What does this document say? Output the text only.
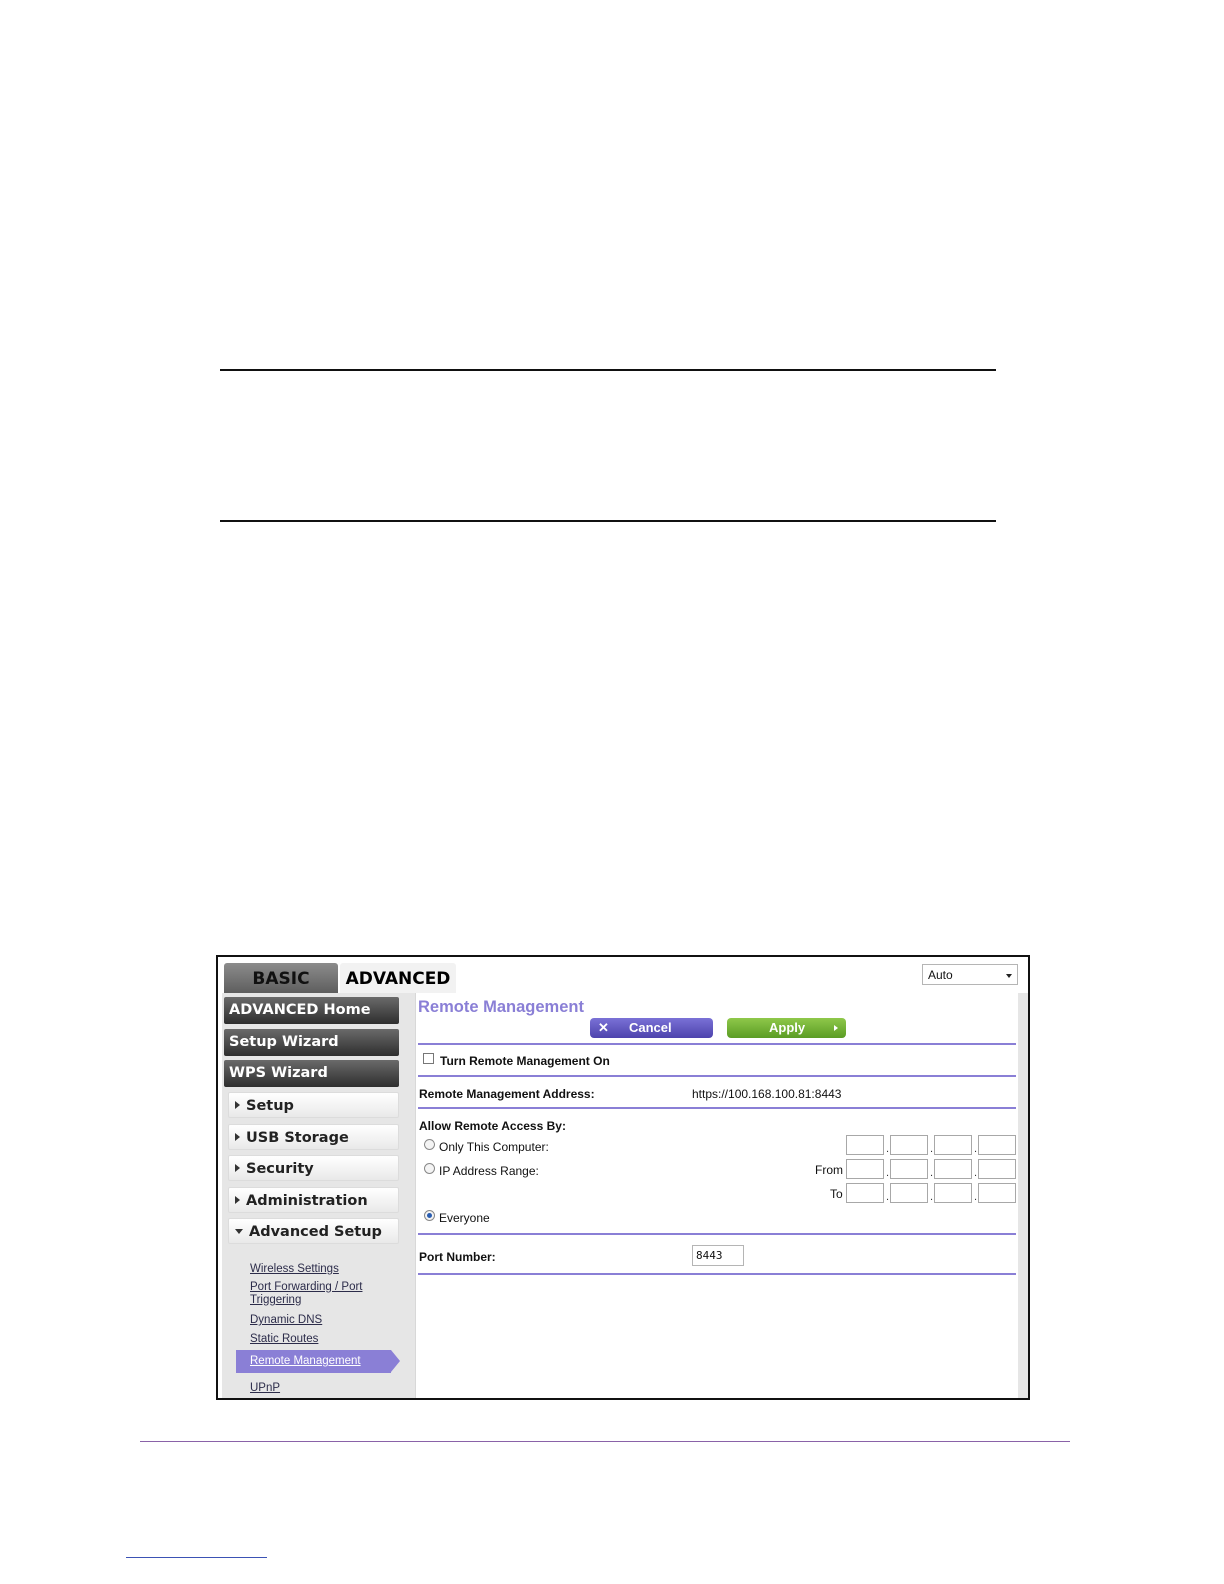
BASIC	ADVANCED	Auto
ADVANCED Home
Setup Wizard
WPS Wizard
Setup
USB Storage
Security
Administration
Advanced Setup
Wireless Settings
Port Forwarding / Port Triggering
Dynamic DNS
Static Routes
Remote Management
UPnP
Remote Management
✕ Cancel	Apply
Turn Remote Management On
Remote Management Address:	https://100.168.100.81:8443
Allow Remote Access By:
Only This Computer:	.	.	.
IP Address Range:	From	.	.	.
To	.	.	.
Everyone
Port Number:	8443
